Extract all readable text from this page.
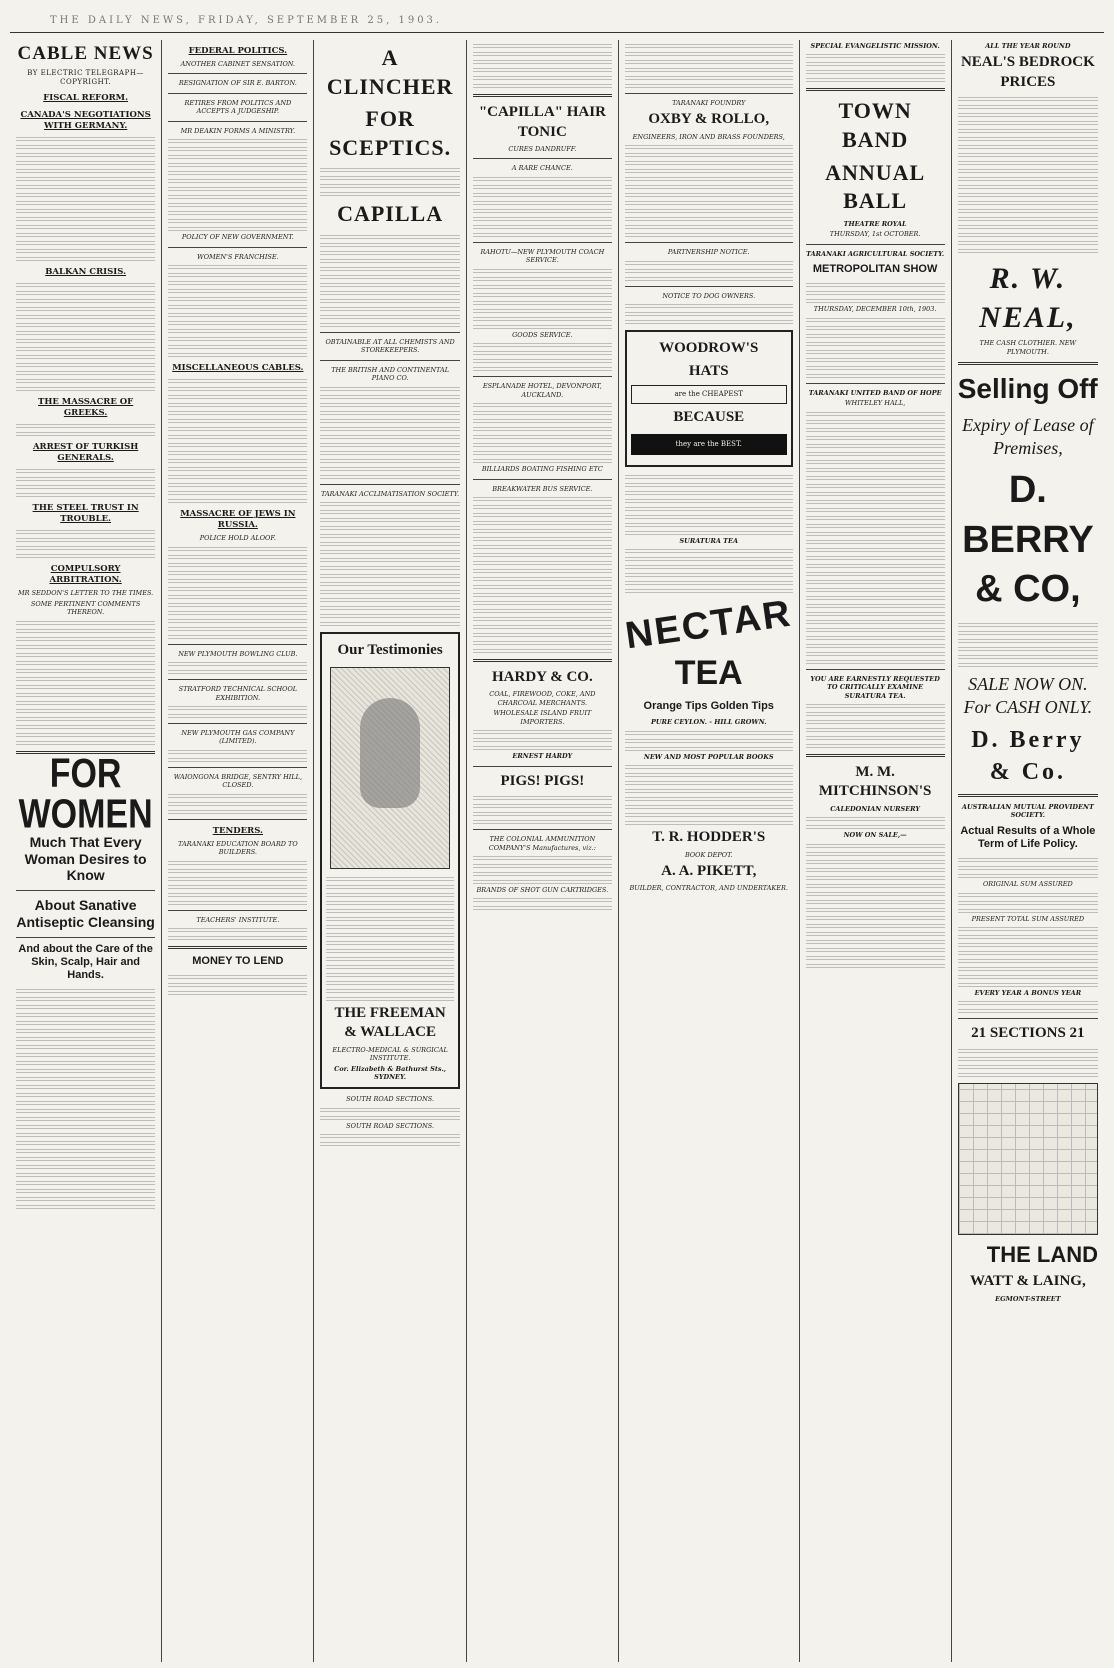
THE DAILY NEWS, FRIDAY, SEPTEMBER 25, 1903.
CABLE NEWS
BY ELECTRIC TELEGRAPH—COPYRIGHT.
FISCAL REFORM.
CANADA'S NEGOTIATIONS WITH GERMANY.
BALKAN CRISIS.
THE MASSACRE OF GREEKS.
ARREST OF TURKISH GENERALS.
THE STEEL TRUST IN TROUBLE.
COMPULSORY ARBITRATION.
MR SEDDON'S LETTER TO THE TIMES.
SOME PERTINENT COMMENTS THEREON.
FOR WOMEN
Much That Every Woman Desires to Know
About Sanative Antiseptic Cleansing
And about the Care of the Skin, Scalp, Hair and Hands.
FEDERAL POLITICS.
ANOTHER CABINET SENSATION.
RESIGNATION OF SIR E. BARTON.
RETIRES FROM POLITICS AND ACCEPTS A JUDGESHIP.
MR DEAKIN FORMS A MINISTRY.
POLICY OF NEW GOVERNMENT.
WOMEN'S FRANCHISE.
MISCELLANEOUS CABLES.
MASSACRE OF JEWS IN RUSSIA.
POLICE HOLD ALOOF.
NEW PLYMOUTH BOWLING CLUB.
STRATFORD TECHNICAL SCHOOL EXHIBITION.
NEW PLYMOUTH GAS COMPANY (LIMITED).
WAIONGONA BRIDGE, SENTRY HILL, CLOSED.
TENDERS.
TARANAKI EDUCATION BOARD TO BUILDERS.
TEACHERS' INSTITUTE.
MONEY TO LEND
A CLINCHER
FOR SCEPTICS.
CAPILLA
OBTAINABLE AT ALL CHEMISTS AND STOREKEEPERS.
THE BRITISH AND CONTINENTAL PIANO CO.
TARANAKI ACCLIMATISATION SOCIETY.
Our Testimonies
THE FREEMAN & WALLACE
ELECTRO-MEDICAL & SURGICAL INSTITUTE.
Cor. Elizabeth & Bathurst Sts., SYDNEY.
SOUTH ROAD SECTIONS.
SOUTH ROAD SECTIONS.
"CAPILLA" HAIR TONIC
CURES DANDRUFF.
A RARE CHANCE.
RAHOTU—NEW PLYMOUTH COACH SERVICE.
GOODS SERVICE.
ESPLANADE HOTEL, DEVONPORT, AUCKLAND.
BILLIARDS BOATING FISHING ETC
BREAKWATER BUS SERVICE.
HARDY & CO.
COAL, FIREWOOD, COKE, AND CHARCOAL MERCHANTS.
WHOLESALE ISLAND FRUIT IMPORTERS.
ERNEST HARDY
PIGS! PIGS!
THE COLONIAL AMMUNITION COMPANY'S Manufactures, viz.:
BRANDS OF SHOT GUN CARTRIDGES.
TARANAKI FOUNDRY
OXBY & ROLLO,
ENGINEERS, IRON AND BRASS FOUNDERS,
PARTNERSHIP NOTICE.
NOTICE TO DOG OWNERS.
WOODROW'S
HATS
are the CHEAPEST
BECAUSE
they are the BEST.
SURATURA TEA
NECTAR
TEA
Orange Tips Golden Tips
PURE CEYLON. - HILL GROWN.
NEW AND MOST POPULAR BOOKS
T. R. HODDER'S
BOOK DEPOT.
A. A. PIKETT,
BUILDER, CONTRACTOR, AND UNDERTAKER.
SPECIAL EVANGELISTIC MISSION.
TOWN BAND
ANNUAL BALL
THEATRE ROYAL
THURSDAY, 1st OCTOBER.
TARANAKI AGRICULTURAL SOCIETY.
METROPOLITAN SHOW
THURSDAY, DECEMBER 10th, 1903.
TARANAKI UNITED BAND OF HOPE
WHITELEY HALL,
YOU ARE EARNESTLY REQUESTED TO CRITICALLY EXAMINE SURATURA TEA.
M. M. MITCHINSON'S
CALEDONIAN NURSERY
NOW ON SALE,—
ALL THE YEAR ROUND
NEAL'S BEDROCK PRICES
R. W. NEAL,
THE CASH CLOTHIER. NEW PLYMOUTH.
Selling Off
Expiry of Lease of Premises,
D. BERRY & CO,
SALE NOW ON. For CASH ONLY.
D. Berry & Co.
AUSTRALIAN MUTUAL PROVIDENT SOCIETY.
Actual Results of a Whole Term of Life Policy.
ORIGINAL SUM ASSURED
PRESENT TOTAL SUM ASSURED
EVERY YEAR A BONUS YEAR
21 SECTIONS 21
THE LAND
WATT & LAING,
EGMONT-STREET
